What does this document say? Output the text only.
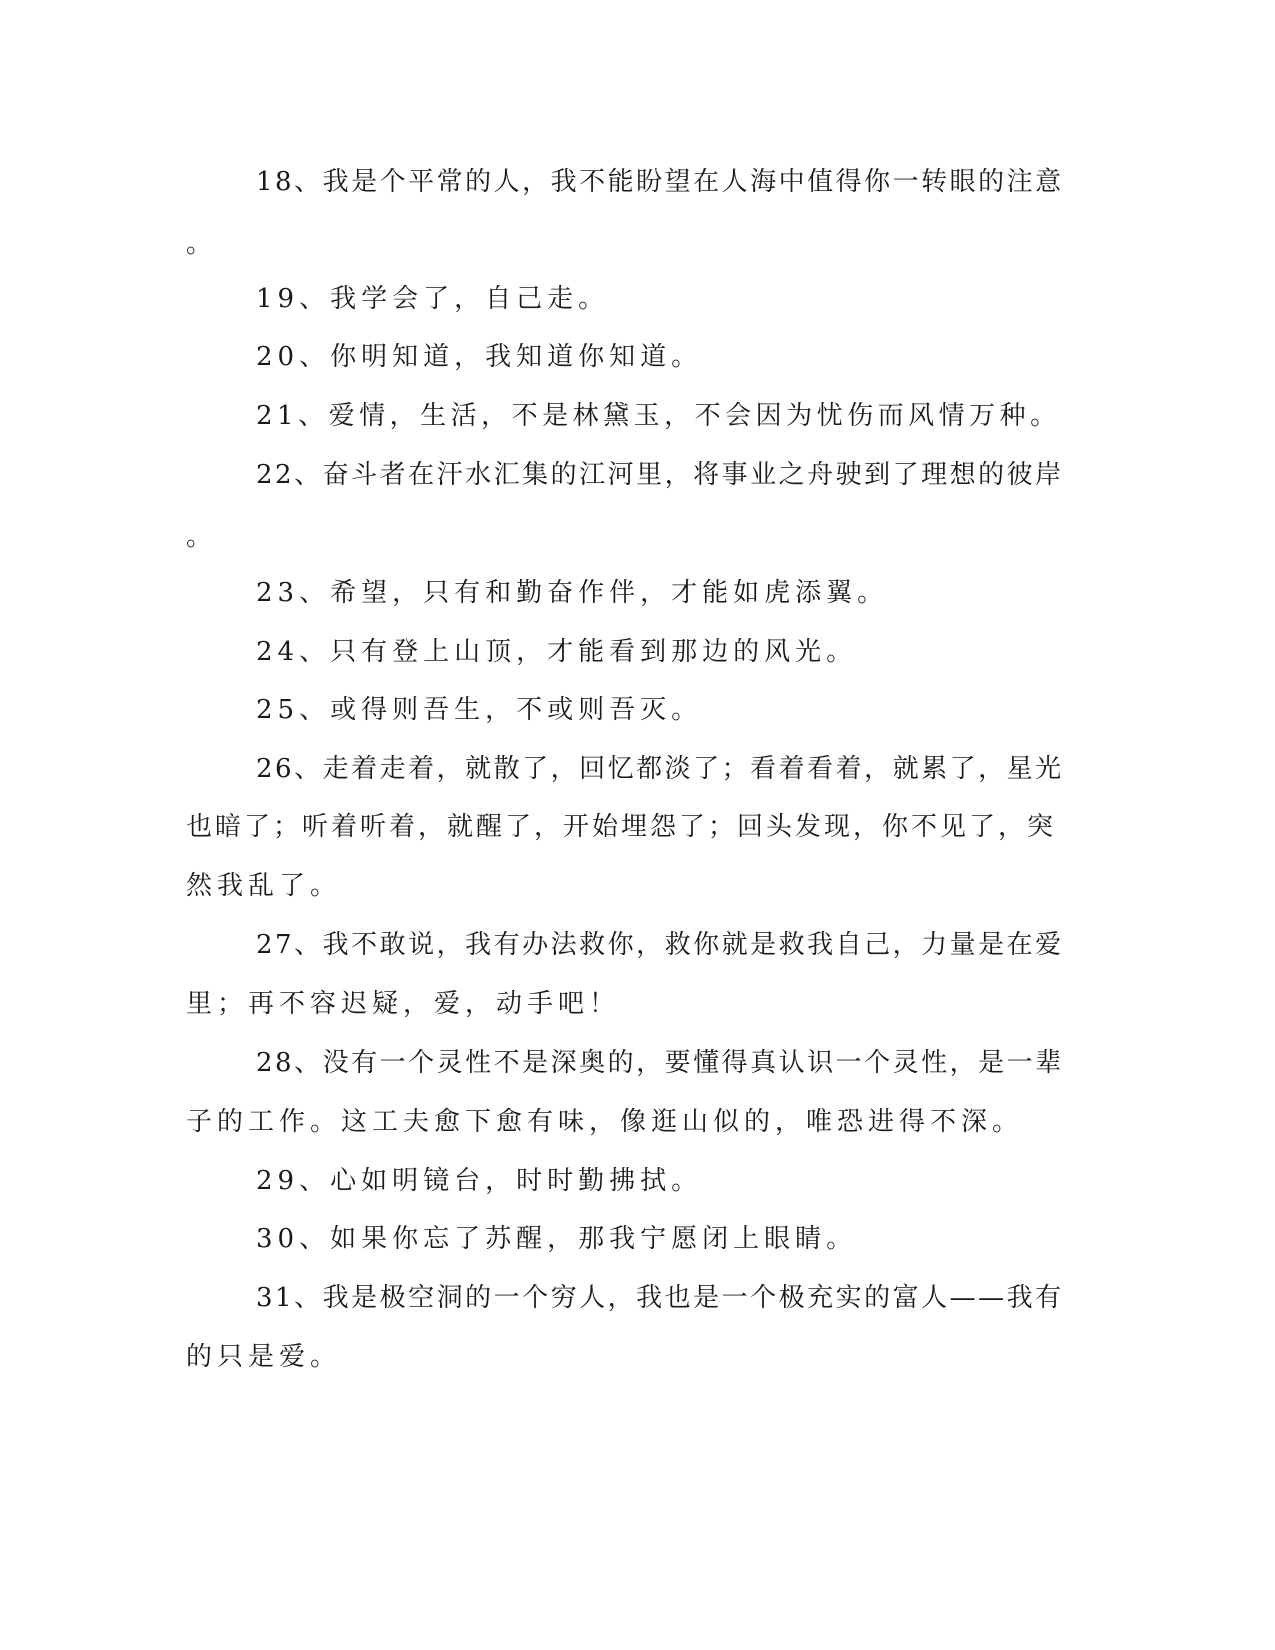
18、我是个平常的人，我不能盼望在人海中值得你一转眼的注意
。
19、我学会了，自己走。
20、你明知道，我知道你知道。
21、爱情，生活，不是林黛玉，不会因为忧伤而风情万种。
22、奋斗者在汗水汇集的江河里，将事业之舟驶到了理想的彼岸
。
23、希望，只有和勤奋作伴，才能如虎添翼。
24、只有登上山顶，才能看到那边的风光。
25、或得则吾生，不或则吾灭。
26、走着走着，就散了，回忆都淡了；看着看着，就累了，星光
也暗了；听着听着，就醒了，开始埋怨了；回头发现，你不见了，突
然我乱了。
27、我不敢说，我有办法救你，救你就是救我自己，力量是在爱
里；再不容迟疑，爱，动手吧！
28、没有一个灵性不是深奥的，要懂得真认识一个灵性，是一辈
子的工作。这工夫愈下愈有味，像逛山似的，唯恐进得不深。
29、心如明镜台，时时勤拂拭。
30、如果你忘了苏醒，那我宁愿闭上眼睛。
31、我是极空洞的一个穷人，我也是一个极充实的富人——我有
的只是爱。
